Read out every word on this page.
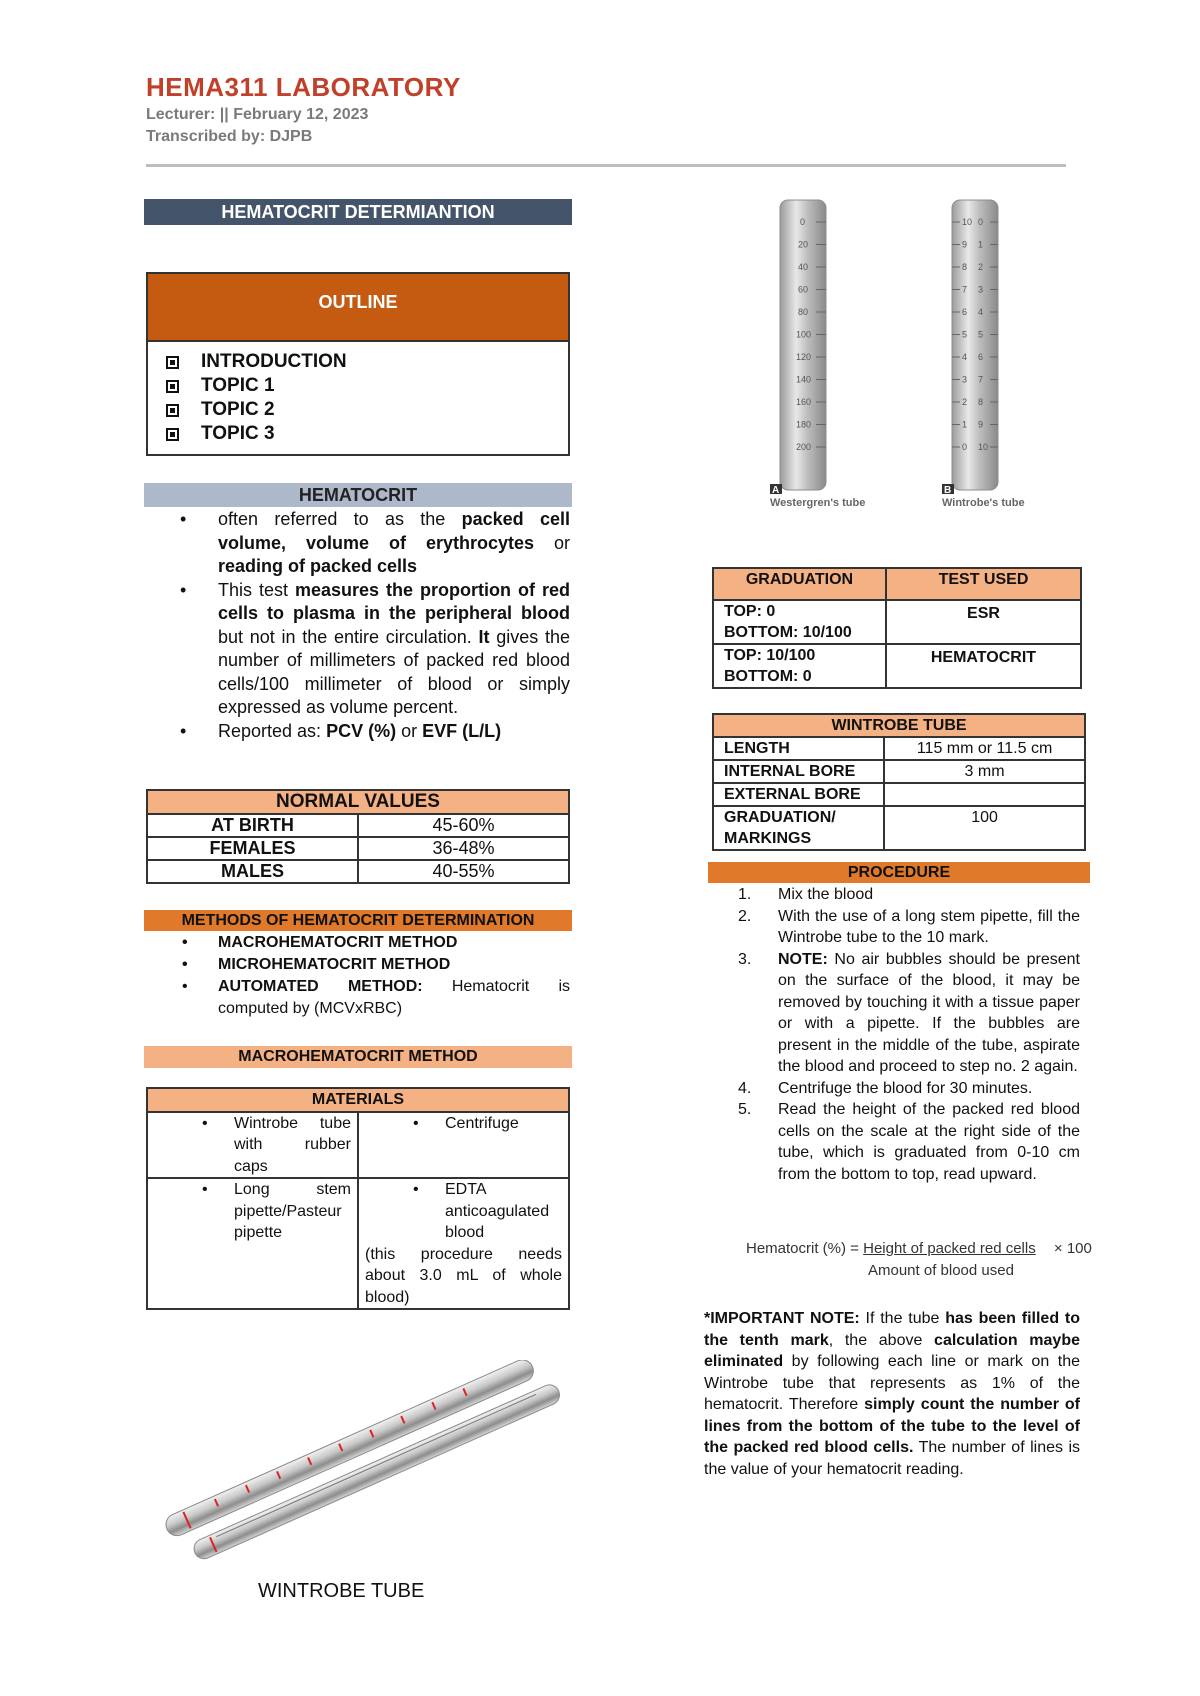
HEMA311 LABORATORY
Lecturer: || February 12, 2023
Transcribed by: DJPB
HEMATOCRIT DETERMIANTION
OUTLINE
INTRODUCTION
TOPIC 1
TOPIC 2
TOPIC 3
HEMATOCRIT
• often referred to as the packed cell volume, volume of erythrocytes or reading of packed cells
• This test measures the proportion of red cells to plasma in the peripheral blood but not in the entire circulation. It gives the number of millimeters of packed red blood cells/100 millimeter of blood or simply expressed as volume percent.
• Reported as: PCV (%) or EVF (L/L)
NORMAL VALUES	
AT BIRTH	45-60%
FEMALES	36-48%
MALES	40-55%
METHODS OF HEMATOCRIT DETERMINATION
• MACROHEMATOCRIT METHOD
• MICROHEMATOCRIT METHOD
• AUTOMATED METHOD: Hematocrit is computed by (MCVxRBC)
MACROHEMATOCRIT METHOD
MATERIALS	

• Wintrobe tube with rubber caps	• Centrifuge

• Long stem pipette/Pasteur pipette	• EDTA anticoagulated blood
(this procedure needs about 3.0 mL of whole blood)
WINTROBE TUBE
0
20
40
60
80
100
120
140
160
180
200
10
9
8
7
6
5
4
3
2
1
0
0
1
2
3
4
5
6
7
8
9
10
A	B
Westergren's tube	Wintrobe's tube
GRADUATION	TEST USED

TOP: 0
BOTTOM: 10/100	ESR

TOP: 10/100
BOTTOM: 0	HEMATOCRIT
WINTROBE TUBE	
LENGTH	115 mm or 11.5 cm
INTERNAL BORE	3 mm
EXTERNAL BORE	
GRADUATION/ MARKINGS	100
PROCEDURE
1. Mix the blood
2. With the use of a long stem pipette, fill the Wintrobe tube to the 10 mark.
3. NOTE: No air bubbles should be present on the surface of the blood, it may be removed by touching it with a tissue paper or with a pipette. If the bubbles are present in the middle of the tube, aspirate the blood and proceed to step no. 2 again.
4. Centrifuge the blood for 30 minutes.
5. Read the height of the packed red blood cells on the scale at the right side of the tube, which is graduated from 0-10 cm from the bottom to top, read upward.
Hematocrit (%) = Height of packed red cells × 100
Amount of blood used
*IMPORTANT NOTE: If the tube has been filled to the tenth mark, the above calculation maybe eliminated by following each line or mark on the Wintrobe tube that represents as 1% of the hematocrit. Therefore simply count the number of lines from the bottom of the tube to the level of the packed red blood cells. The number of lines is the value of your hematocrit reading.
